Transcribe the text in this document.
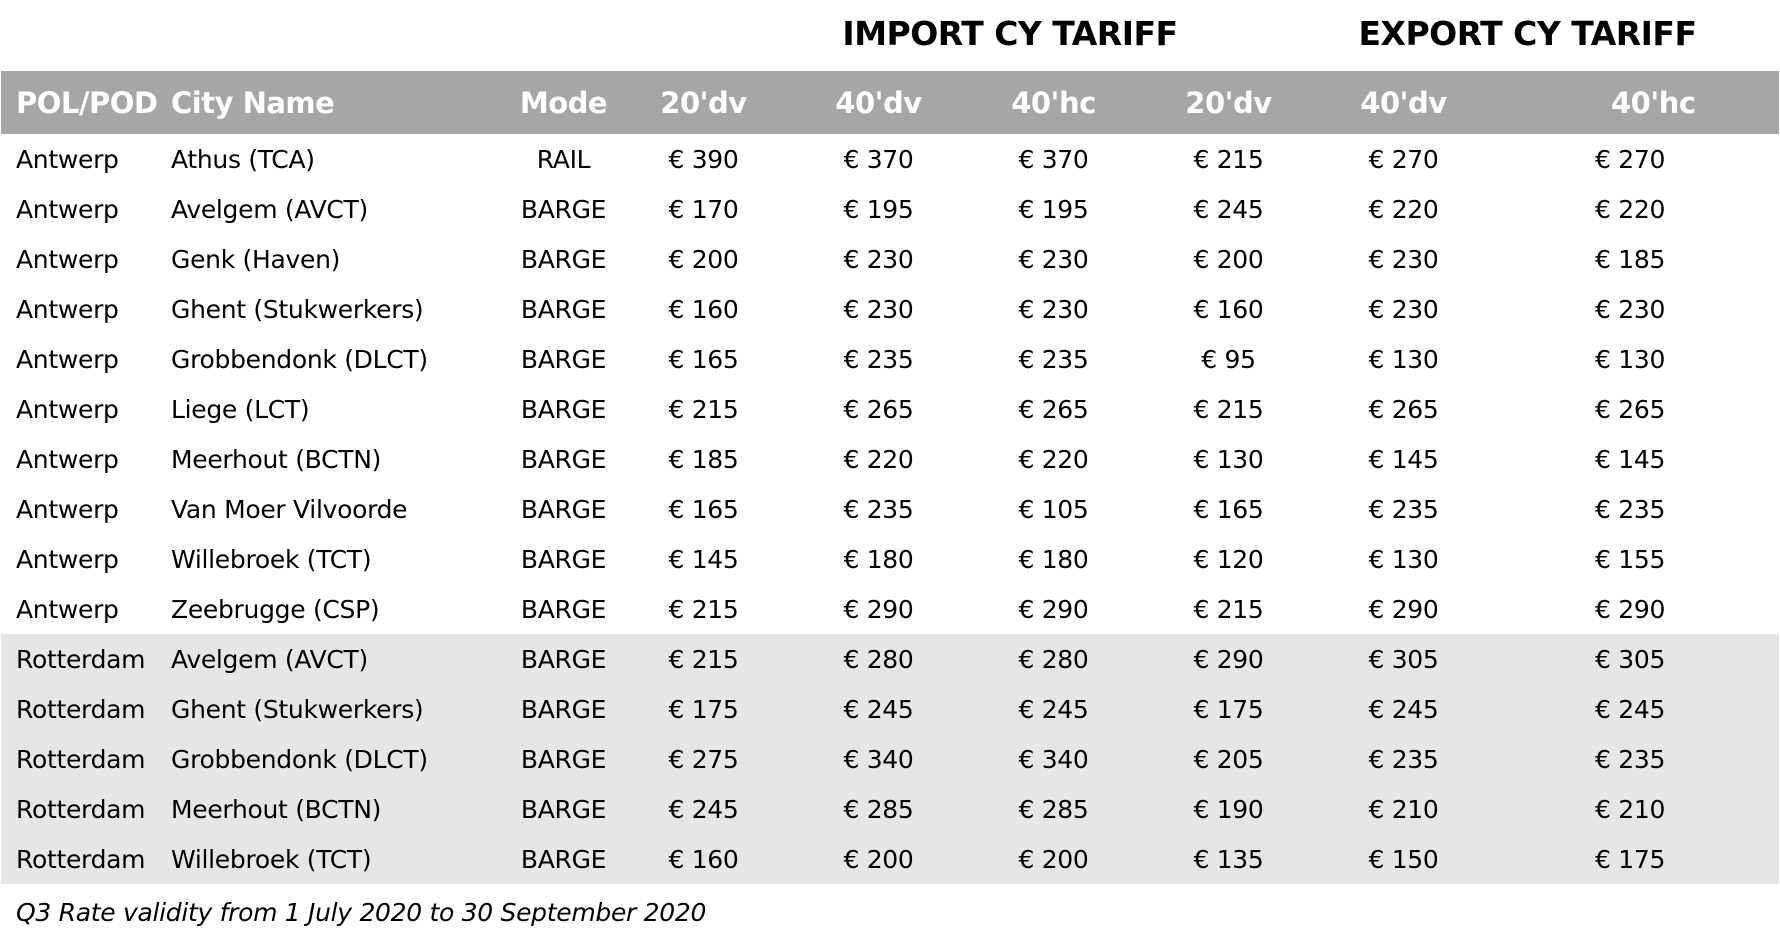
IMPORT CY TARIFF	EXPORT CY TARIFF
POL/POD	City Name	Mode	20'dv	40'dv	40'hc	20'dv	40'dv	40'hc
Antwerp	Athus (TCA)	RAIL	€ 390	€ 370	€ 370	€ 215	€ 270	€ 270
Antwerp	Avelgem (AVCT)	BARGE	€ 170	€ 195	€ 195	€ 245	€ 220	€ 220
Antwerp	Genk (Haven)	BARGE	€ 200	€ 230	€ 230	€ 200	€ 230	€ 185
Antwerp	Ghent (Stukwerkers)	BARGE	€ 160	€ 230	€ 230	€ 160	€ 230	€ 230
Antwerp	Grobbendonk (DLCT)	BARGE	€ 165	€ 235	€ 235	€ 95	€ 130	€ 130
Antwerp	Liege (LCT)	BARGE	€ 215	€ 265	€ 265	€ 215	€ 265	€ 265
Antwerp	Meerhout (BCTN)	BARGE	€ 185	€ 220	€ 220	€ 130	€ 145	€ 145
Antwerp	Van Moer Vilvoorde	BARGE	€ 165	€ 235	€ 105	€ 165	€ 235	€ 235
Antwerp	Willebroek (TCT)	BARGE	€ 145	€ 180	€ 180	€ 120	€ 130	€ 155
Antwerp	Zeebrugge (CSP)	BARGE	€ 215	€ 290	€ 290	€ 215	€ 290	€ 290
Rotterdam	Avelgem (AVCT)	BARGE	€ 215	€ 280	€ 280	€ 290	€ 305	€ 305
Rotterdam	Ghent (Stukwerkers)	BARGE	€ 175	€ 245	€ 245	€ 175	€ 245	€ 245
Rotterdam	Grobbendonk (DLCT)	BARGE	€ 275	€ 340	€ 340	€ 205	€ 235	€ 235
Rotterdam	Meerhout (BCTN)	BARGE	€ 245	€ 285	€ 285	€ 190	€ 210	€ 210
Rotterdam	Willebroek (TCT)	BARGE	€ 160	€ 200	€ 200	€ 135	€ 150	€ 175
Q3 Rate validity from 1 July 2020 to 30 September 2020
